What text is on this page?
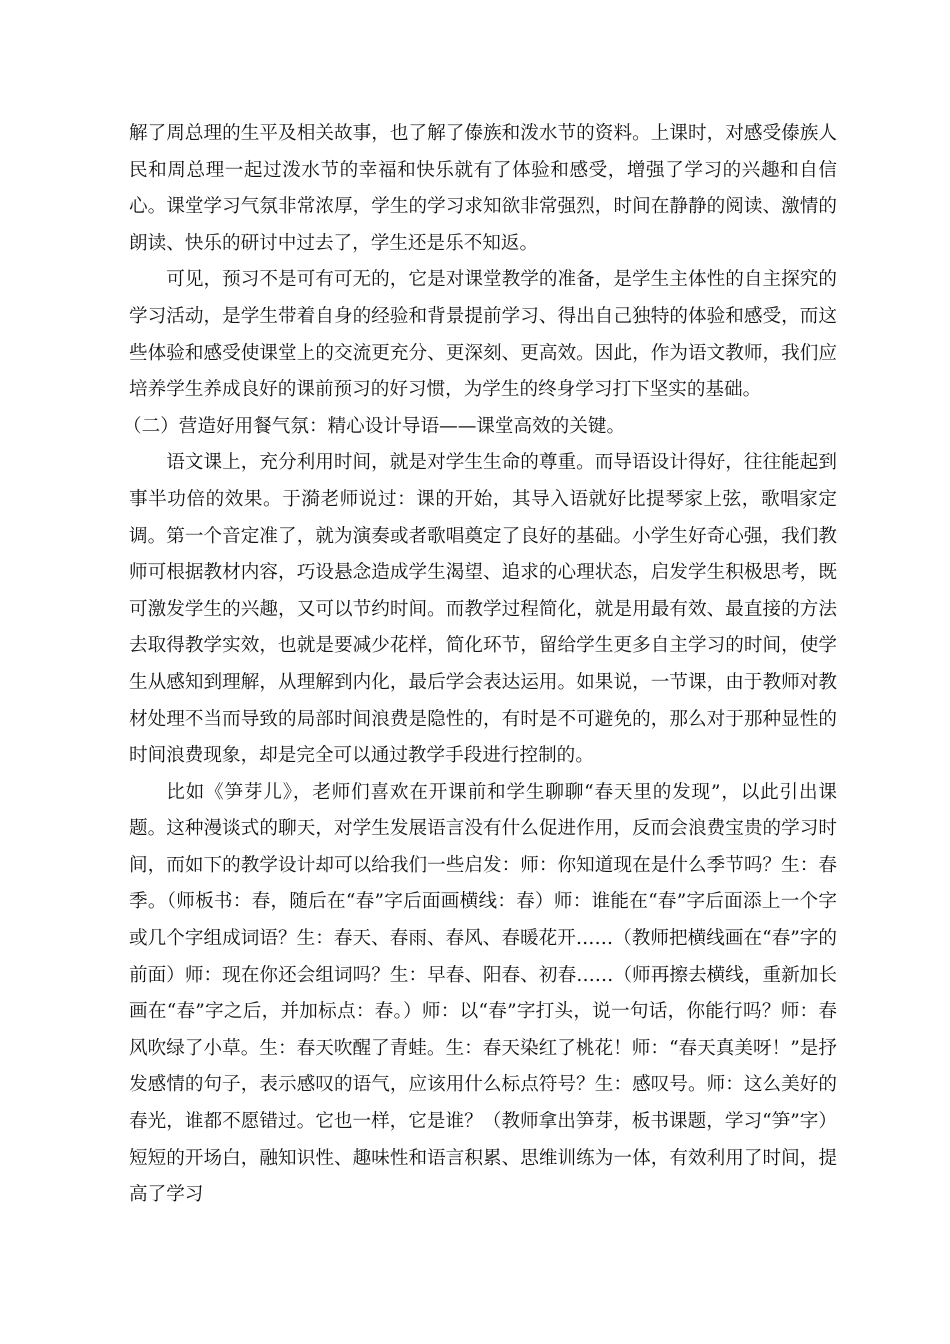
解了周总理的生平及相关故事，也了解了傣族和泼水节的资料。上课时，对感受傣族人民和周总理一起过泼水节的幸福和快乐就有了体验和感受，增强了学习的兴趣和自信心。课堂学习气氛非常浓厚，学生的学习求知欲非常强烈，时间在静静的阅读、激情的朗读、快乐的研讨中过去了，学生还是乐不知返。

可见，预习不是可有可无的，它是对课堂教学的准备，是学生主体性的自主探究的学习活动，是学生带着自身的经验和背景提前学习、得出自己独特的体验和感受，而这些体验和感受使课堂上的交流更充分、更深刻、更高效。因此，作为语文教师，我们应培养学生养成良好的课前预习的好习惯，为学生的终身学习打下坚实的基础。

（二）营造好用餐气氛：精心设计导语——课堂高效的关键。

语文课上，充分利用时间，就是对学生生命的尊重。而导语设计得好，往往能起到事半功倍的效果。于漪老师说过：课的开始，其导入语就好比提琴家上弦，歌唱家定调。第一个音定准了，就为演奏或者歌唱奠定了良好的基础。小学生好奇心强，我们教师可根据教材内容，巧设悬念造成学生渴望、追求的心理状态，启发学生积极思考，既可激发学生的兴趣，又可以节约时间。而教学过程简化，就是用最有效、最直接的方法去取得教学实效，也就是要减少花样，简化环节，留给学生更多自主学习的时间，使学生从感知到理解，从理解到内化，最后学会表达运用。如果说，一节课，由于教师对教材处理不当而导致的局部时间浪费是隐性的，有时是不可避免的，那么对于那种显性的时间浪费现象，却是完全可以通过教学手段进行控制的。

比如《笋芽儿》，老师们喜欢在开课前和学生聊聊“春天里的发现”，以此引出课题。这种漫谈式的聊天，对学生发展语言没有什么促进作用，反而会浪费宝贵的学习时间，而如下的教学设计却可以给我们一些启发：师：你知道现在是什么季节吗？生：春季。（师板书：春，随后在“春”字后面画横线：春）师：谁能在“春”字后面添上一个字或几个字组成词语？生：春天、春雨、春风、春暖花开……（教师把横线画在“春”字的前面）师：现在你还会组词吗？生：早春、阳春、初春……（师再擦去横线，重新加长画在“春”字之后，并加标点：春。）师：以“春”字打头，说一句话，你能行吗？师：春风吹绿了小草。生：春天吹醒了青蛙。生：春天染红了桃花！师：“春天真美呀！”是抒发感情的句子，表示感叹的语气，应该用什么标点符号？生：感叹号。师：这么美好的春光，谁都不愿错过。它也一样，它是谁？（教师拿出笋芽，板书课题，学习“笋”字）短短的开场白，融知识性、趣味性和语言积累、思维训练为一体，有效利用了时间，提高了学习
